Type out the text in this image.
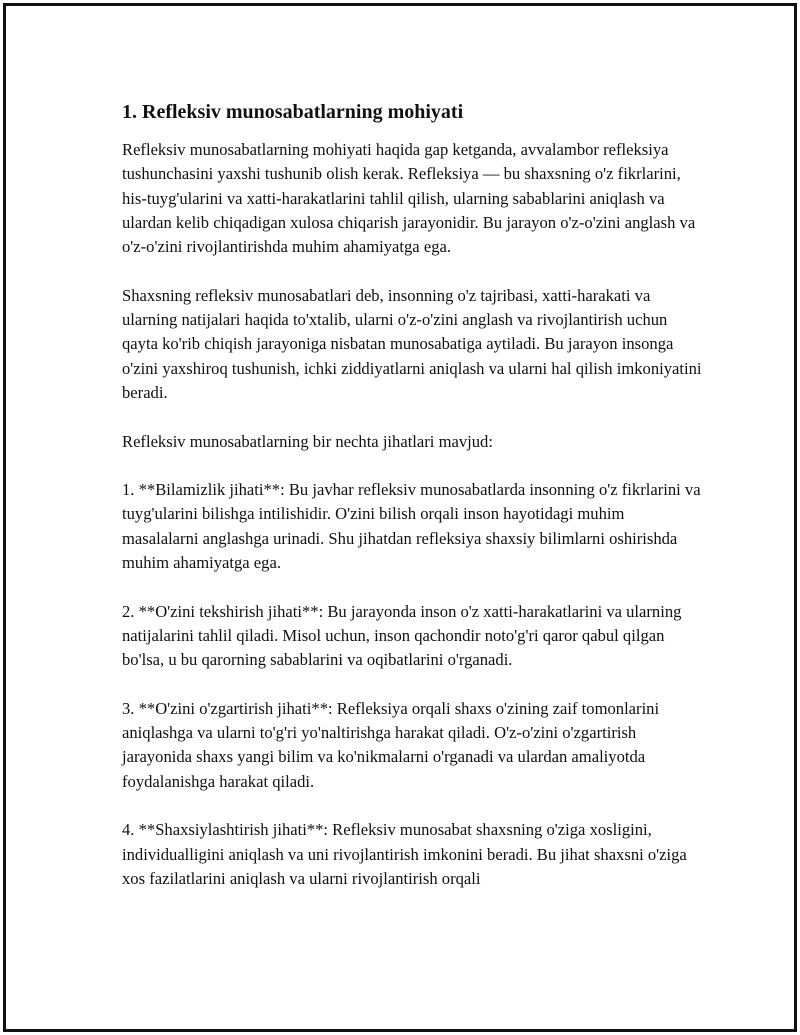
1. Refleksiv munosabatlarning mohiyati

Refleksiv munosabatlarning mohiyati haqida gap ketganda, avvalambor refleksiya tushunchasini yaxshi tushunib olish kerak. Refleksiya — bu shaxsning o'z fikrlarini, his-tuyg'ularini va xatti-harakatlarini tahlil qilish, ularning sabablarini aniqlash va ulardan kelib chiqadigan xulosa chiqarish jarayonidir. Bu jarayon o'z-o'zini anglash va o'z-o'zini rivojlantirishda muhim ahamiyatga ega.

Shaxsning refleksiv munosabatlari deb, insonning o'z tajribasi, xatti-harakati va ularning natijalari haqida to'xtalib, ularni o'z-o'zini anglash va rivojlantirish uchun qayta ko'rib chiqish jarayoniga nisbatan munosabatiga aytiladi. Bu jarayon insonga o'zini yaxshiroq tushunish, ichki ziddiyatlarni aniqlash va ularni hal qilish imkoniyatini beradi.

Refleksiv munosabatlarning bir nechta jihatlari mavjud:

1. **Bilamizlik jihati**: Bu javhar refleksiv munosabatlarda insonning o'z fikrlarini va tuyg'ularini bilishga intilishidir. O'zini bilish orqali inson hayotidagi muhim masalalarni anglashga urinadi. Shu jihatdan refleksiya shaxsiy bilimlarni oshirishda muhim ahamiyatga ega.

2. **O'zini tekshirish jihati**: Bu jarayonda inson o'z xatti-harakatlarini va ularning natijalarini tahlil qiladi. Misol uchun, inson qachondir noto'g'ri qaror qabul qilgan bo'lsa, u bu qarorning sabablarini va oqibatlarini o'rganadi.

3. **O'zini o'zgartirish jihati**: Refleksiya orqali shaxs o'zining zaif tomonlarini aniqlashga va ularni to'g'ri yo'naltirishga harakat qiladi. O'z-o'zini o'zgartirish jarayonida shaxs yangi bilim va ko'nikmalarni o'rganadi va ulardan amaliyotda foydalanishga harakat qiladi.

4. **Shaxsiylashtirish jihati**: Refleksiv munosabat shaxsning o'ziga xosligini, individualligini aniqlash va uni rivojlantirish imkonini beradi. Bu jihat shaxsni o'ziga xos fazilatlarini aniqlash va ularni rivojlantirish orqali
